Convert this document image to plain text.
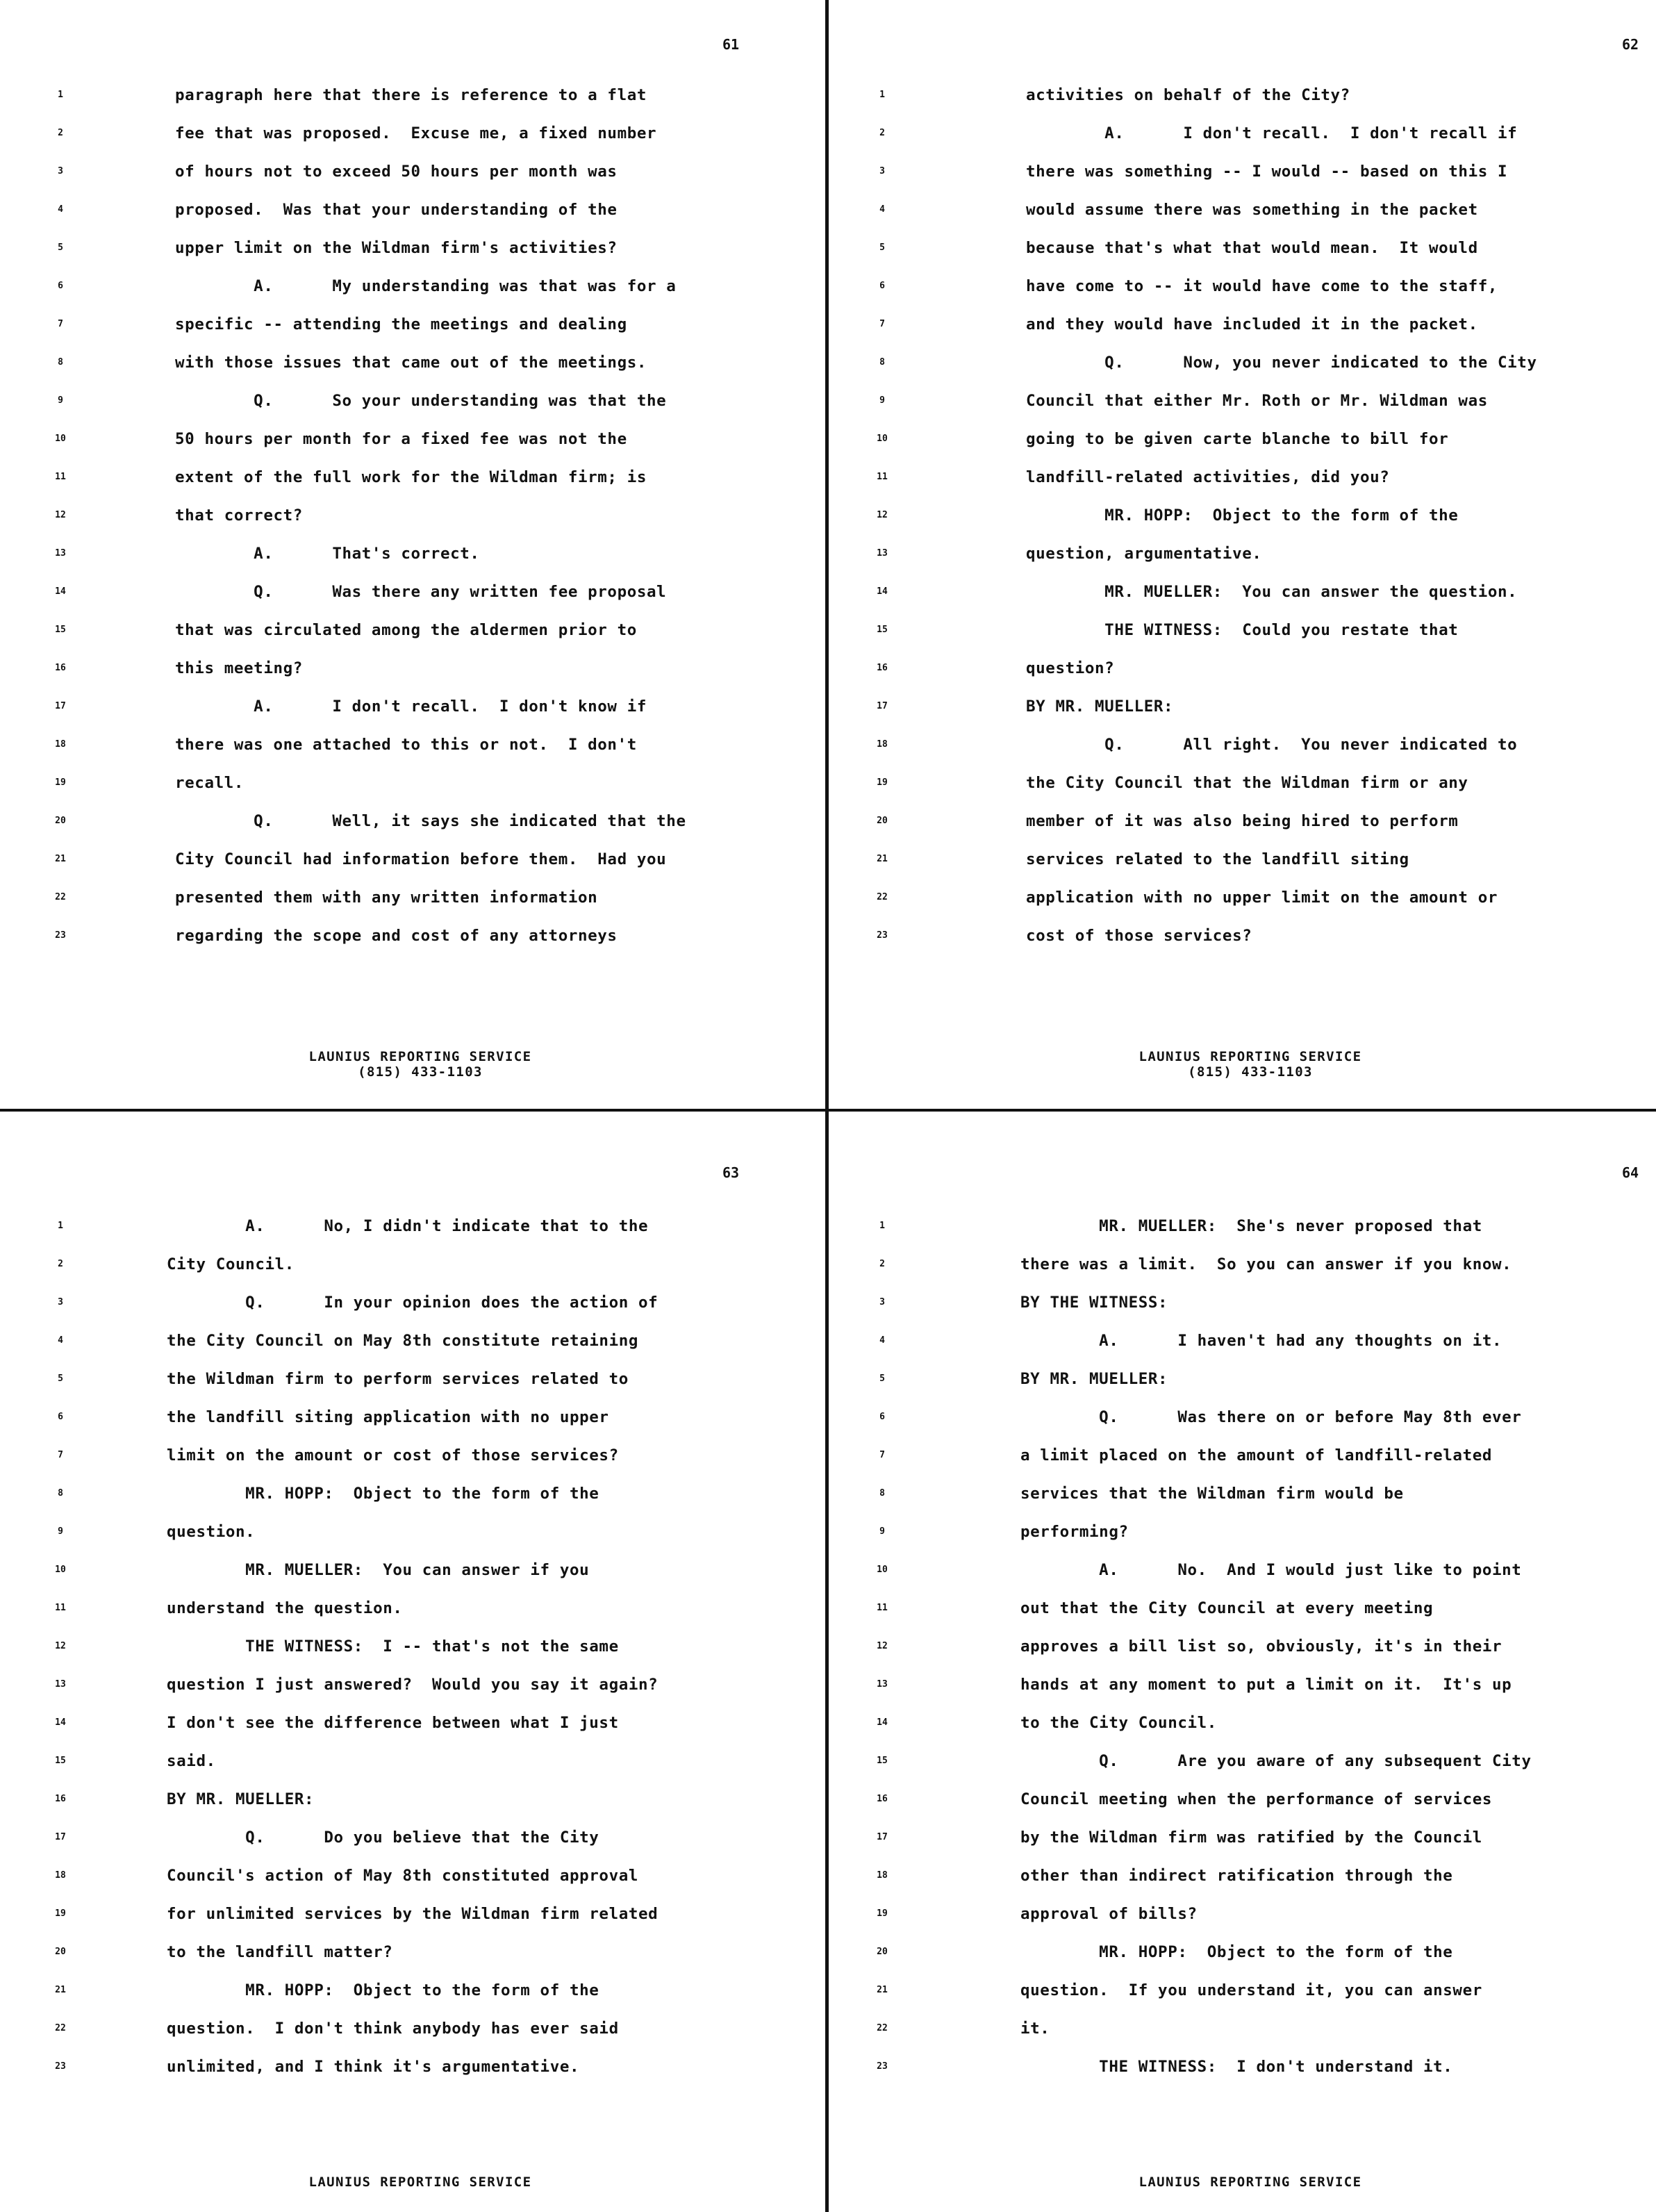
61
1	paragraph here that there is reference to a flat
2	fee that was proposed.  Excuse me, a fixed number
3	of hours not to exceed 50 hours per month was
4	proposed.  Was that your understanding of the
5	upper limit on the Wildman firm's activities?
6	A.      My understanding was that was for a
7	specific -- attending the meetings and dealing
8	with those issues that came out of the meetings.
9	Q.      So your understanding was that the
10	50 hours per month for a fixed fee was not the
11	extent of the full work for the Wildman firm; is
12	that correct?
13	A.      That's correct.
14	Q.      Was there any written fee proposal
15	that was circulated among the aldermen prior to
16	this meeting?
17	A.      I don't recall.  I don't know if
18	there was one attached to this or not.  I don't
19	recall.
20	Q.      Well, it says she indicated that the
21	City Council had information before them.  Had you
22	presented them with any written information
23	regarding the scope and cost of any attorneys
LAUNIUS REPORTING SERVICE
(815) 433-1103
62
1	activities on behalf of the City?
2	A.      I don't recall.  I don't recall if
3	there was something -- I would -- based on this I
4	would assume there was something in the packet
5	because that's what that would mean.  It would
6	have come to -- it would have come to the staff,
7	and they would have included it in the packet.
8	Q.      Now, you never indicated to the City
9	Council that either Mr. Roth or Mr. Wildman was
10	going to be given carte blanche to bill for
11	landfill-related activities, did you?
12	MR. HOPP:  Object to the form of the
13	question, argumentative.
14	MR. MUELLER:  You can answer the question.
15	THE WITNESS:  Could you restate that
16	question?
17	BY MR. MUELLER:
18	Q.      All right.  You never indicated to
19	the City Council that the Wildman firm or any
20	member of it was also being hired to perform
21	services related to the landfill siting
22	application with no upper limit on the amount or
23	cost of those services?
LAUNIUS REPORTING SERVICE
(815) 433-1103
63
1	A.      No, I didn't indicate that to the
2	City Council.
3	Q.      In your opinion does the action of
4	the City Council on May 8th constitute retaining
5	the Wildman firm to perform services related to
6	the landfill siting application with no upper
7	limit on the amount or cost of those services?
8	MR. HOPP:  Object to the form of the
9	question.
10	MR. MUELLER:  You can answer if you
11	understand the question.
12	THE WITNESS:  I -- that's not the same
13	question I just answered?  Would you say it again?
14	I don't see the difference between what I just
15	said.
16	BY MR. MUELLER:
17	Q.      Do you believe that the City
18	Council's action of May 8th constituted approval
19	for unlimited services by the Wildman firm related
20	to the landfill matter?
21	MR. HOPP:  Object to the form of the
22	question.  I don't think anybody has ever said
23	unlimited, and I think it's argumentative.
LAUNIUS REPORTING SERVICE
64
1	MR. MUELLER:  She's never proposed that
2	there was a limit.  So you can answer if you know.
3	BY THE WITNESS:
4	A.      I haven't had any thoughts on it.
5	BY MR. MUELLER:
6	Q.      Was there on or before May 8th ever
7	a limit placed on the amount of landfill-related
8	services that the Wildman firm would be
9	performing?
10	A.      No.  And I would just like to point
11	out that the City Council at every meeting
12	approves a bill list so, obviously, it's in their
13	hands at any moment to put a limit on it.  It's up
14	to the City Council.
15	Q.      Are you aware of any subsequent City
16	Council meeting when the performance of services
17	by the Wildman firm was ratified by the Council
18	other than indirect ratification through the
19	approval of bills?
20	MR. HOPP:  Object to the form of the
21	question.  If you understand it, you can answer
22	it.
23	THE WITNESS:  I don't understand it.
LAUNIUS REPORTING SERVICE
